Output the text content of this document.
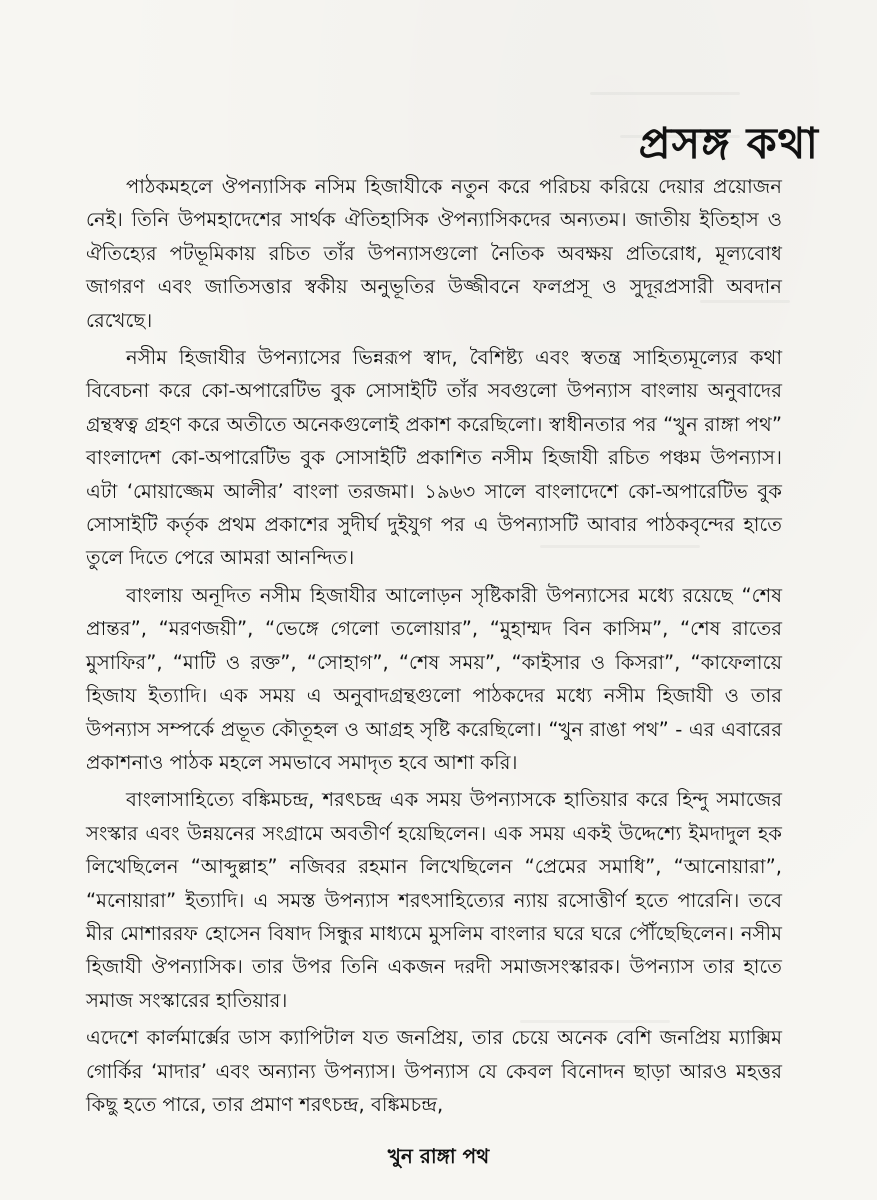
প্রসঙ্গ কথা

পাঠকমহলে ঔপন্যাসিক নসিম হিজাযীকে নতুন করে পরিচয় করিয়ে দেয়ার প্রয়োজন নেই। তিনি উপমহাদেশের সার্থক ঐতিহাসিক ঔপন্যাসিকদের অন্যতম। জাতীয় ইতিহাস ও ঐতিহ্যের পটভূমিকায় রচিত তাঁর উপন্যাসগুলো নৈতিক অবক্ষয় প্রতিরোধ, মূল্যবোধ জাগরণ এবং জাতিসত্তার স্বকীয় অনুভূতির উজ্জীবনে ফলপ্রসূ ও সুদূরপ্রসারী অবদান রেখেছে।

নসীম হিজাযীর উপন্যাসের ভিন্নরূপ স্বাদ, বৈশিষ্ট্য এবং স্বতন্ত্র সাহিত্যমূল্যের কথা বিবেচনা করে কো-অপারেটিভ বুক সোসাইটি তাঁর সবগুলো উপন্যাস বাংলায় অনুবাদের গ্রন্থস্বত্ব গ্রহণ করে অতীতে অনেকগুলোই প্রকাশ করেছিলো। স্বাধীনতার পর “খুন রাঙ্গা পথ” বাংলাদেশ কো-অপারেটিভ বুক সোসাইটি প্রকাশিত নসীম হিজাযী রচিত পঞ্চম উপন্যাস। এটা ‘মোয়াজ্জেম আলীর’ বাংলা তরজমা। ১৯৬৩ সালে বাংলাদেশে কো-অপারেটিভ বুক সোসাইটি কর্তৃক প্রথম প্রকাশের সুদীর্ঘ দুইযুগ পর এ উপন্যাসটি আবার পাঠকবৃন্দের হাতে তুলে দিতে পেরে আমরা আনন্দিত।

বাংলায় অনূদিত নসীম হিজাযীর আলোড়ন সৃষ্টিকারী উপন্যাসের মধ্যে রয়েছে “শেষ প্রান্তর”, “মরণজয়ী”, “ভেঙ্গে গেলো তলোয়ার”, “মুহাম্মদ বিন কাসিম”, “শেষ রাতের মুসাফির”, “মাটি ও রক্ত”, “সোহাগ”, “শেষ সময়”, “কাইসার ও কিসরা”, “কাফেলায়ে হিজায ইত্যাদি। এক সময় এ অনুবাদগ্রন্থগুলো পাঠকদের মধ্যে নসীম হিজাযী ও তার উপন্যাস সম্পর্কে প্রভূত কৌতূহল ও আগ্রহ সৃষ্টি করেছিলো। “খুন রাঙা পথ” - এর এবারের প্রকাশনাও পাঠক মহলে সমভাবে সমাদৃত হবে আশা করি।

বাংলাসাহিত্যে বঙ্কিমচন্দ্র, শরৎচন্দ্র এক সময় উপন্যাসকে হাতিয়ার করে হিন্দু সমাজের সংস্কার এবং উন্নয়নের সংগ্রামে অবতীর্ণ হয়েছিলেন। এক সময় একই উদ্দেশ্যে ইমদাদুল হক লিখেছিলেন “আব্দুল্লাহ” নজিবর রহমান লিখেছিলেন “প্রেমের সমাধি”, “আনোয়ারা”, “মনোয়ারা” ইত্যাদি। এ সমস্ত উপন্যাস শরৎসাহিত্যের ন্যায় রসোত্তীর্ণ হতে পারেনি। তবে মীর মোশাররফ হোসেন বিষাদ সিন্ধুর মাধ্যমে মুসলিম বাংলার ঘরে ঘরে পৌঁছেছিলেন। নসীম হিজাযী ঔপন্যাসিক। তার উপর তিনি একজন দরদী সমাজসংস্কারক। উপন্যাস তার হাতে সমাজ সংস্কারের হাতিয়ার।

এদেশে কার্লমার্ক্সের ডাস ক্যাপিটাল যত জনপ্রিয়, তার চেয়ে অনেক বেশি জনপ্রিয় ম্যাক্সিম গোর্কির ‘মাদার’ এবং অন্যান্য উপন্যাস। উপন্যাস যে কেবল বিনোদন ছাড়া আরও মহত্তর কিছু হতে পারে, তার প্রমাণ শরৎচন্দ্র, বঙ্কিমচন্দ্র,

খুন রাঙ্গা পথ
